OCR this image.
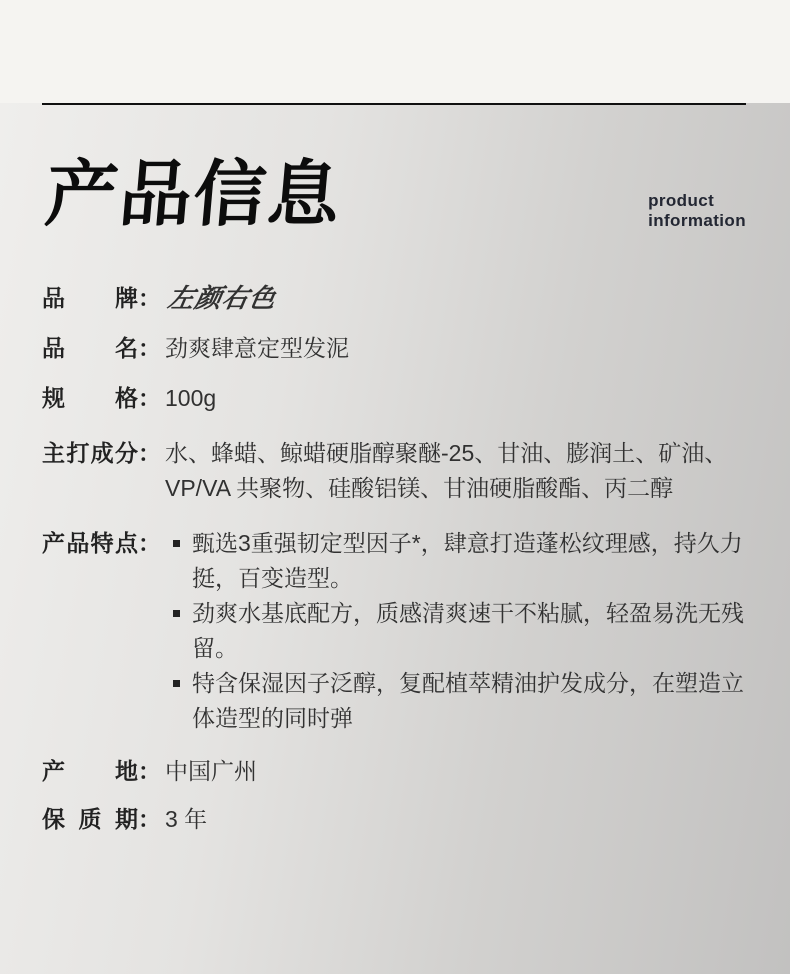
产品信息	product
information
品牌 ： 左颜右色
品名 ： 劲爽肆意定型发泥
规格 ： 100g
主打成分 ： 水、蜂蜡、鲸蜡硬脂醇聚醚-25、甘油、膨润土、矿油、VP/VA 共聚物、硅酸铝镁、甘油硬脂酸酯、丙二醇
产品特点 ：	甄选3重强韧定型因子*，肆意打造蓬松纹理感，持久力挺，百变造型。
劲爽水基底配方，质感清爽速干不粘腻，轻盈易洗无残留。
特含保湿因子泛醇，复配植萃精油护发成分，在塑造立体造型的同时弹
产地 ： 中国广州
保质期 ： 3 年
